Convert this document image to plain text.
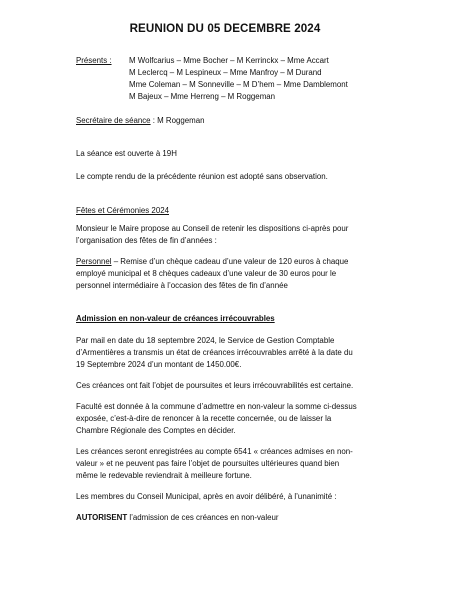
REUNION DU 05 DECEMBRE 2024
Présents : M Wolfcarius – Mme Bocher – M Kerrinckx – Mme Accart
M Leclercq – M Lespineux – Mme Manfroy – M Durand
Mme Coleman – M Sonneville – M D’hem – Mme Damblemont
M Bajeux – Mme Herreng – M Roggeman
Secrétaire de séance : M Roggeman
La séance est ouverte à 19H
Le compte rendu de la précédente réunion est adopté sans observation.
Fêtes et Cérémonies 2024
Monsieur le Maire propose au Conseil de retenir les dispositions ci-après pour
l’organisation des fêtes de fin d’années :
Personnel – Remise d’un chèque cadeau d’une valeur de 120 euros à chaque
employé municipal et 8 chèques cadeaux d’une valeur de 30 euros pour le
personnel intermédiaire à l’occasion des fêtes de fin d’année
Admission en non-valeur de créances irrécouvrables
Par mail en date du 18 septembre 2024, le Service de Gestion Comptable
d’Armentières a transmis un état de créances irrécouvrables arrêté à la date du
19 Septembre 2024 d’un montant de 1450.00€.
Ces créances ont fait l’objet de poursuites et leurs irrécouvrabilités est certaine.
Faculté est donnée à la commune d’admettre en non-valeur la somme ci-dessus
exposée, c’est-à-dire de renoncer à la recette concernée, ou de laisser la
Chambre Régionale des Comptes en décider.
Les créances seront enregistrées au compte 6541 « créances admises en non-
valeur » et ne peuvent pas faire l’objet de poursuites ultérieures quand bien
même le redevable reviendrait à meilleure fortune.
Les membres du Conseil Municipal, après en avoir délibéré, à l’unanimité :
AUTORISENT l’admission de ces créances en non-valeur
